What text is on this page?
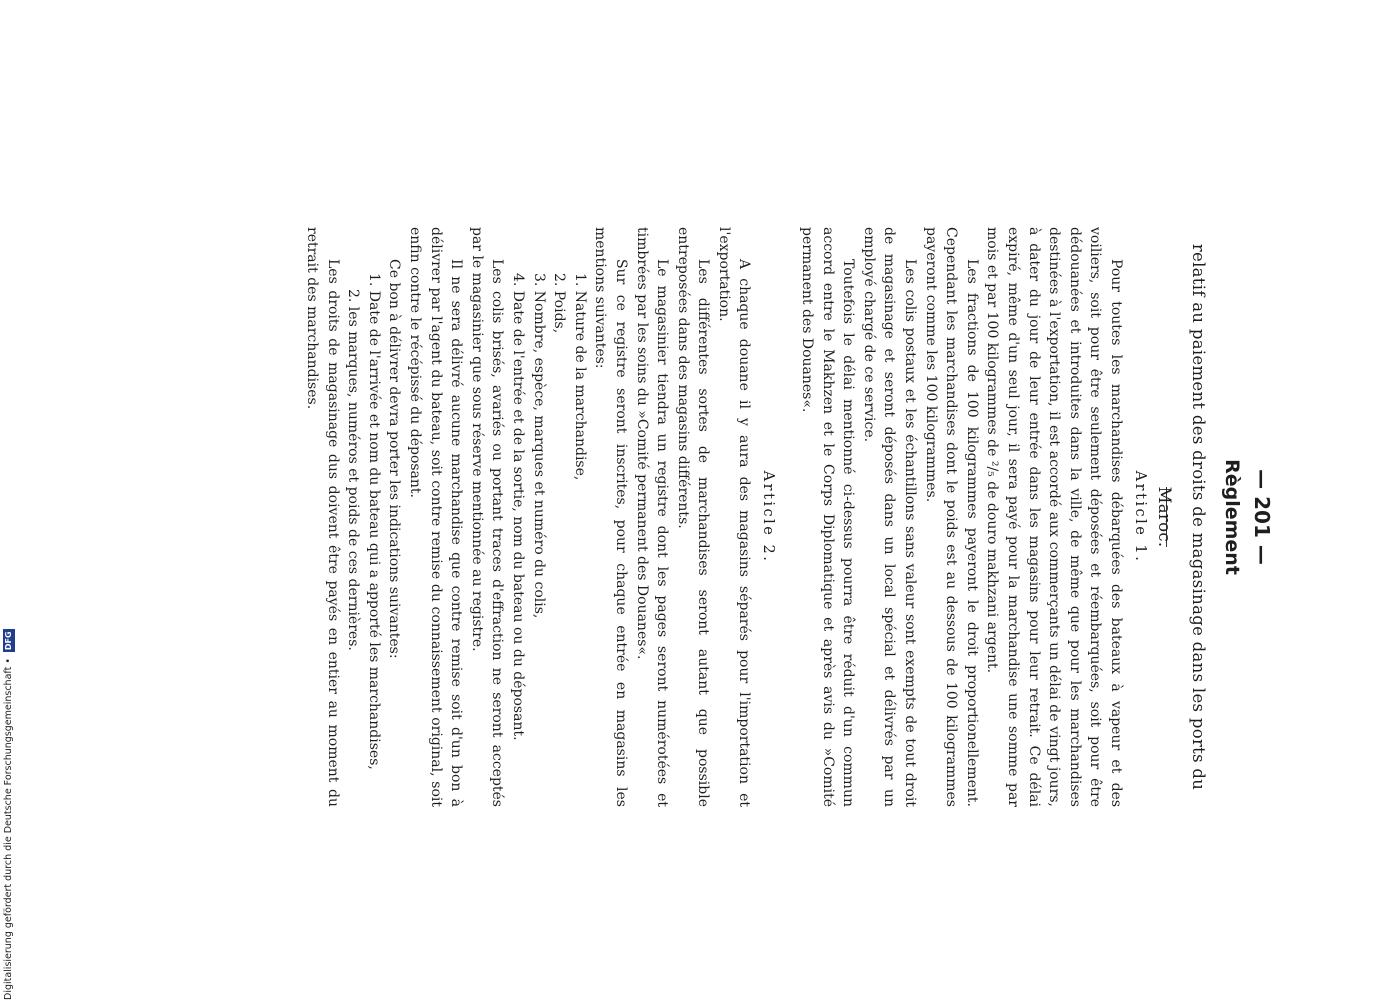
— 201 —
Règlement
relatif au paiement des droits de magasinage dans les ports du Maroc.
Article 1.

Pour toutes les marchandises débarquées des bateaux à vapeur et des voiliers, soit pour être seulement déposées et réembarquées, soit pour être dédouanées et introduites dans la ville, de même que pour les marchandises destinées à l'exportation, il est accordé aux commerçants un délai de vingt jours, à dater du jour de leur entrée dans les magasins pour leur retrait. Ce délai expiré, même d'un seul jour, il sera payé pour la marchandise une somme par mois et par 100 kilogrammes de ²/₅ de douro makhzani argent.

Les fractions de 100 kilogrammes payeront le droit proportionellement. Cependant les marchandises dont le poids est au dessous de 100 kilogrammes payeront comme les 100 kilogrammes.

Les colis postaux et les échantillons sans valeur sont exempts de tout droit de magasinage et seront déposés dans un local spécial et délivrés par un employé chargé de ce service.

Toutefois le délai mentionné ci-dessus pourra être réduit d'un commun accord entre le Makhzen et le Corps Diplomatique et après avis du »Comité permanent des Douanes«.

Article 2.

A chaque douane il y aura des magasins séparés pour l'importation et l'exportation.

Les différentes sortes de marchandises seront autant que possible entreposées dans des magasins différents.

Le magasinier tiendra un registre dont les pages seront numérotées et timbrées par les soins du »Comité permanent des Douanes«.

Sur ce registre seront inscrites, pour chaque entrée en magasins les mentions suivantes:

1. Nature de la marchandise,

2. Poids,

3. Nombre, espèce, marques et numéro du colis,

4. Date de l'entrée et de la sortie, nom du bateau ou du déposant.

Les colis brisés, avariés ou portant traces d'effraction ne seront acceptés par le magasinier que sous réserve mentionnée au registre.

Il ne sera délivré aucune marchandise que contre remise soit d'un bon à délivrer par l'agent du bateau, soit contre remise du connaissement original, soit enfin contre le récépissé du déposant.

Ce bon à délivrer devra porter les indications suivantes:

1. Date de l'arrivée et nom du bateau qui a apporté les marchandises,

2. les marques, numéros et poids de ces dernières.

Les droits de magasinage dus doivent être payés en entier au moment du retrait des marchandises.

Digitalisierung gefördert durch die Deutsche Forschungsgemeinschaft •DFG
